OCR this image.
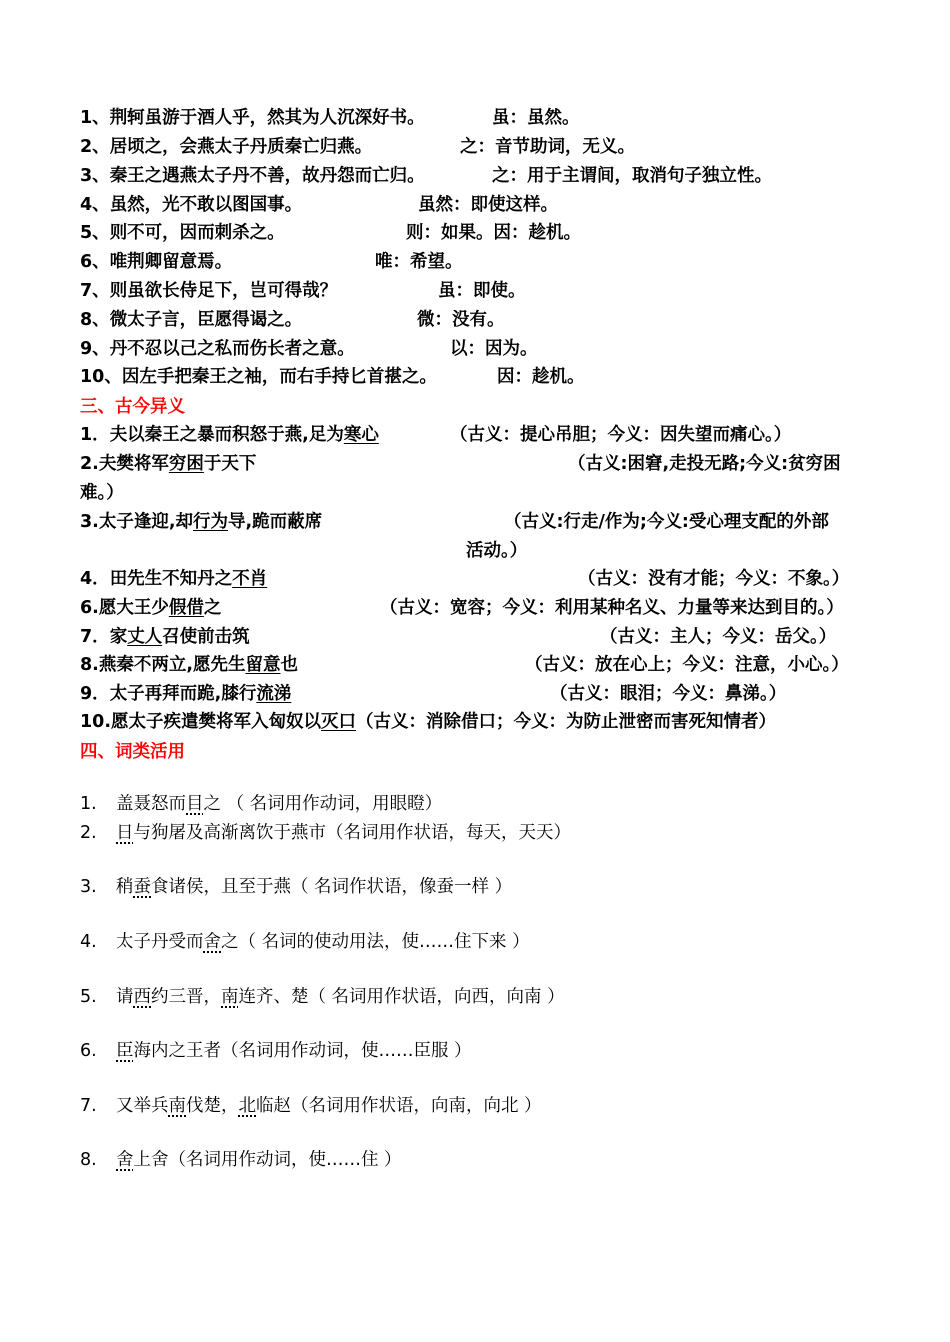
1、荆轲虽游于酒人乎，然其为人沉深好书。	虽：虽然。
2、居顷之，会燕太子丹质秦亡归燕。	之：音节助词，无义。
3、秦王之遇燕太子丹不善，故丹怨而亡归。	之：用于主谓间，取消句子独立性。
4、虽然，光不敢以图国事。	虽然：即使这样。
5、则不可，因而刺杀之。	则：如果。因：趁机。
6、唯荆卿留意焉。	唯：希望。
7、则虽欲长侍足下，岂可得哉？	虽：即使。
8、微太子言，臣愿得谒之。	微：没有。
9、丹不忍以己之私而伤长者之意。	以：因为。
10、因左手把秦王之袖，而右手持匕首揕之。	因：趁机。
三、古今异义
1．夫以秦王之暴而积怒于燕,足为寒心	（古义：提心吊胆；今义：因失望而痛心。）
2.夫樊将军穷困于天下	（古义:困窘,走投无路;今义:贫穷困
难。）
3.太子逢迎,却行为导,跪而蔽席	（古义:行走/作为;今义:受心理支配的外部
活动。）
4．田先生不知丹之不肖	（古义：没有才能；今义：不象。）
6.愿大王少假借之	（古义：宽容；今义：利用某种名义、力量等来达到目的。）
7．家丈人召使前击筑	（古义：主人；今义：岳父。）
8.燕秦不两立,愿先生留意也	（古义：放在心上；今义：注意，小心。）
9．太子再拜而跪,膝行流涕	（古义：眼泪；今义：鼻涕。）
10.愿太子疾遣樊将军入匈奴以灭口（古义：消除借口；今义：为防止泄密而害死知情者）
四、词类活用
1. 盖聂怒而目之 （ 名词用作动词，用眼瞪）
2. 日与狗屠及高渐离饮于燕市（名词用作状语，每天，天天）
3. 稍蚕食诸侯，且至于燕（ 名词作状语，像蚕一样 ）
4. 太子丹受而舍之（ 名词的使动用法，使……住下来 ）
5. 请西约三晋，南连齐、楚（ 名词用作状语，向西，向南 ）
6. 臣海内之王者（名词用作动词，使……臣服 ）
7. 又举兵南伐楚，北临赵（名词用作状语，向南，向北 ）
8. 舍上舍（名词用作动词，使……住 ）
